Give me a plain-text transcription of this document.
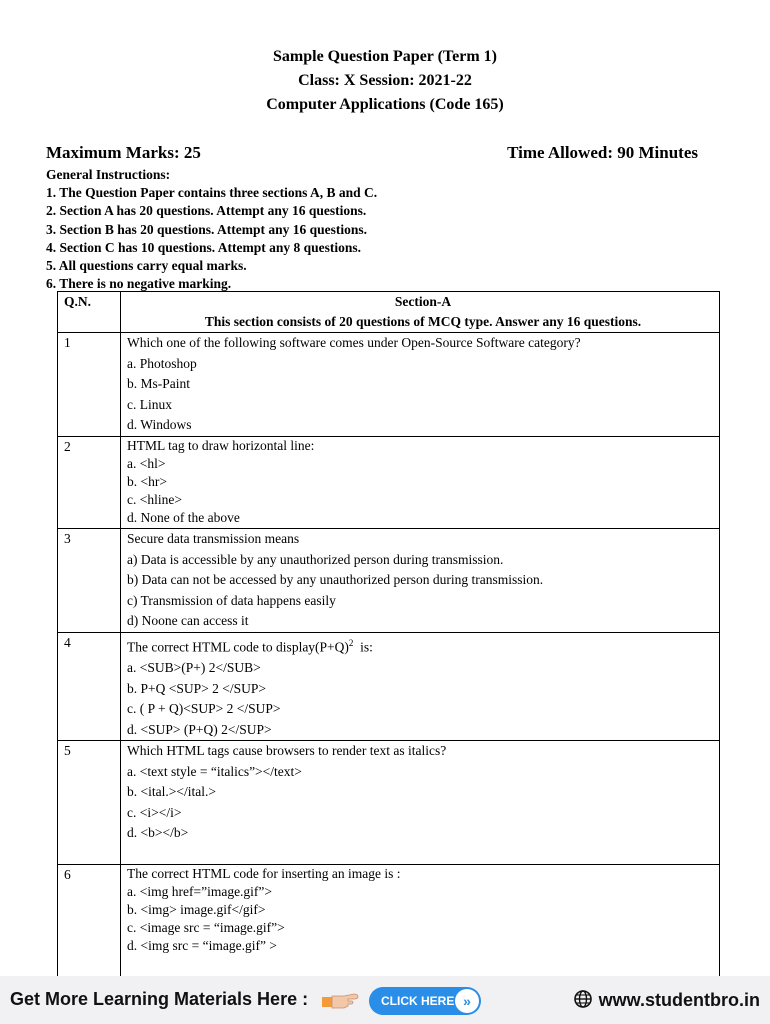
Sample Question Paper (Term 1)
Class: X Session: 2021-22
Computer Applications (Code 165)
Maximum Marks: 25	Time Allowed: 90 Minutes
General Instructions:
1. The Question Paper contains three sections A, B and C.
2. Section A has 20 questions. Attempt any 16 questions.
3. Section B has 20 questions. Attempt any 16 questions.
4. Section C has 10 questions. Attempt any 8 questions.
5. All questions carry equal marks.
6. There is no negative marking.
Q.N.	Section-A
This section consists of 20 questions of MCQ type. Answer any 16 questions.

1	Which one of the following software comes under Open-Source Software category?
a. Photoshop
b. Ms-Paint
c. Linux
d. Windows

2	HTML tag to draw horizontal line:
a. <hl>
b. <hr>
c. <hline>
d. None of the above

3	Secure data transmission means
a) Data is accessible by any unauthorized person during transmission.
b) Data can not be accessed by any unauthorized person during transmission.
c) Transmission of data happens easily
d) Noone can access it

4	The correct HTML code to $display(P+Q)^2$  is:
a. <SUB>(P+) 2</SUB>
b. P+Q <SUP> 2 </SUP>
c. ( P + Q)<SUP> 2 </SUP>
d. <SUP> (P+Q) 2</SUP>

5	Which HTML tags cause browsers to render text as italics?
a. <text style = “italics”></text>
b. <ital.></ital.>
c. <i></i>
d. <b></b>

6	The correct HTML code for inserting an image is :
a. <img href=”image.gif”>
b. <img> image.gif</gif>
c. <image src = “image.gif”>
d. <img src = “image.gif” >
Get More Learning Materials Here :	CLICK HERE »	www.studentbro.in
